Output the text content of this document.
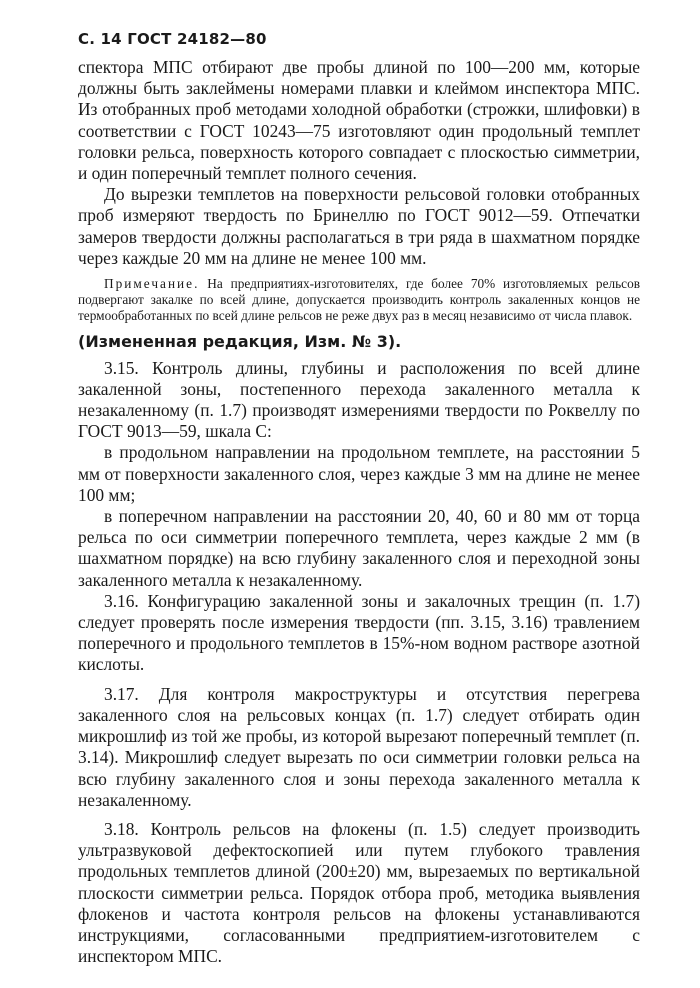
С. 14 ГОСТ 24182—80

спектора МПС отбирают две пробы длиной по 100—200 мм, которые должны быть заклеймены номерами плавки и клеймом инспектора МПС. Из отобранных проб методами холодной обработки (строжки, шлифовки) в соответствии с ГОСТ 10243—75 изготовляют один продольный темплет головки рельса, поверхность которого совпадает с плоскостью симметрии, и один поперечный темплет полного сечения.

До вырезки темплетов на поверхности рельсовой головки отобранных проб измеряют твердость по Бринеллю по ГОСТ 9012—59. Отпечатки замеров твердости должны располагаться в три ряда в шахматном порядке через каждые 20 мм на длине не менее 100 мм.

Примечание. На предприятиях-изготовителях, где более 70% изготовляемых рельсов подвергают закалке по всей длине, допускается производить контроль закаленных концов не термообработанных по всей длине рельсов не реже двух раз в месяц независимо от числа плавок.
(Измененная редакция, Изм. № 3).

3.15. Контроль длины, глубины и расположения по всей длине закаленной зоны, постепенного перехода закаленного металла к незакаленному (п. 1.7) производят измерениями твердости по Роквеллу по ГОСТ 9013—59, шкала С:

в продольном направлении на продольном темплете, на расстоянии 5 мм от поверхности закаленного слоя, через каждые 3 мм на длине не менее 100 мм;

в поперечном направлении на расстоянии 20, 40, 60 и 80 мм от торца рельса по оси симметрии поперечного темплета, через каждые 2 мм (в шахматном порядке) на всю глубину закаленного слоя и переходной зоны закаленного металла к незакаленному.

3.16. Конфигурацию закаленной зоны и закалочных трещин (п. 1.7) следует проверять после измерения твердости (пп. 3.15, 3.16) травлением поперечного и продольного темплетов в 15%-ном водном растворе азотной кислоты.

3.17. Для контроля макроструктуры и отсутствия перегрева закаленного слоя на рельсовых концах (п. 1.7) следует отбирать один микрошлиф из той же пробы, из которой вырезают поперечный темплет (п. 3.14). Микрошлиф следует вырезать по оси симметрии головки рельса на всю глубину закаленного слоя и зоны перехода закаленного металла к незакаленному.

3.18. Контроль рельсов на флокены (п. 1.5) следует производить ультразвуковой дефектоскопией или путем глубокого травления продольных темплетов длиной (200±20) мм, вырезаемых по вертикальной плоскости симметрии рельса. Порядок отбора проб, методика выявления флокенов и частота контроля рельсов на флокены устанавливаются инструкциями, согласованными предприятием-изготовителем с инспектором МПС.
